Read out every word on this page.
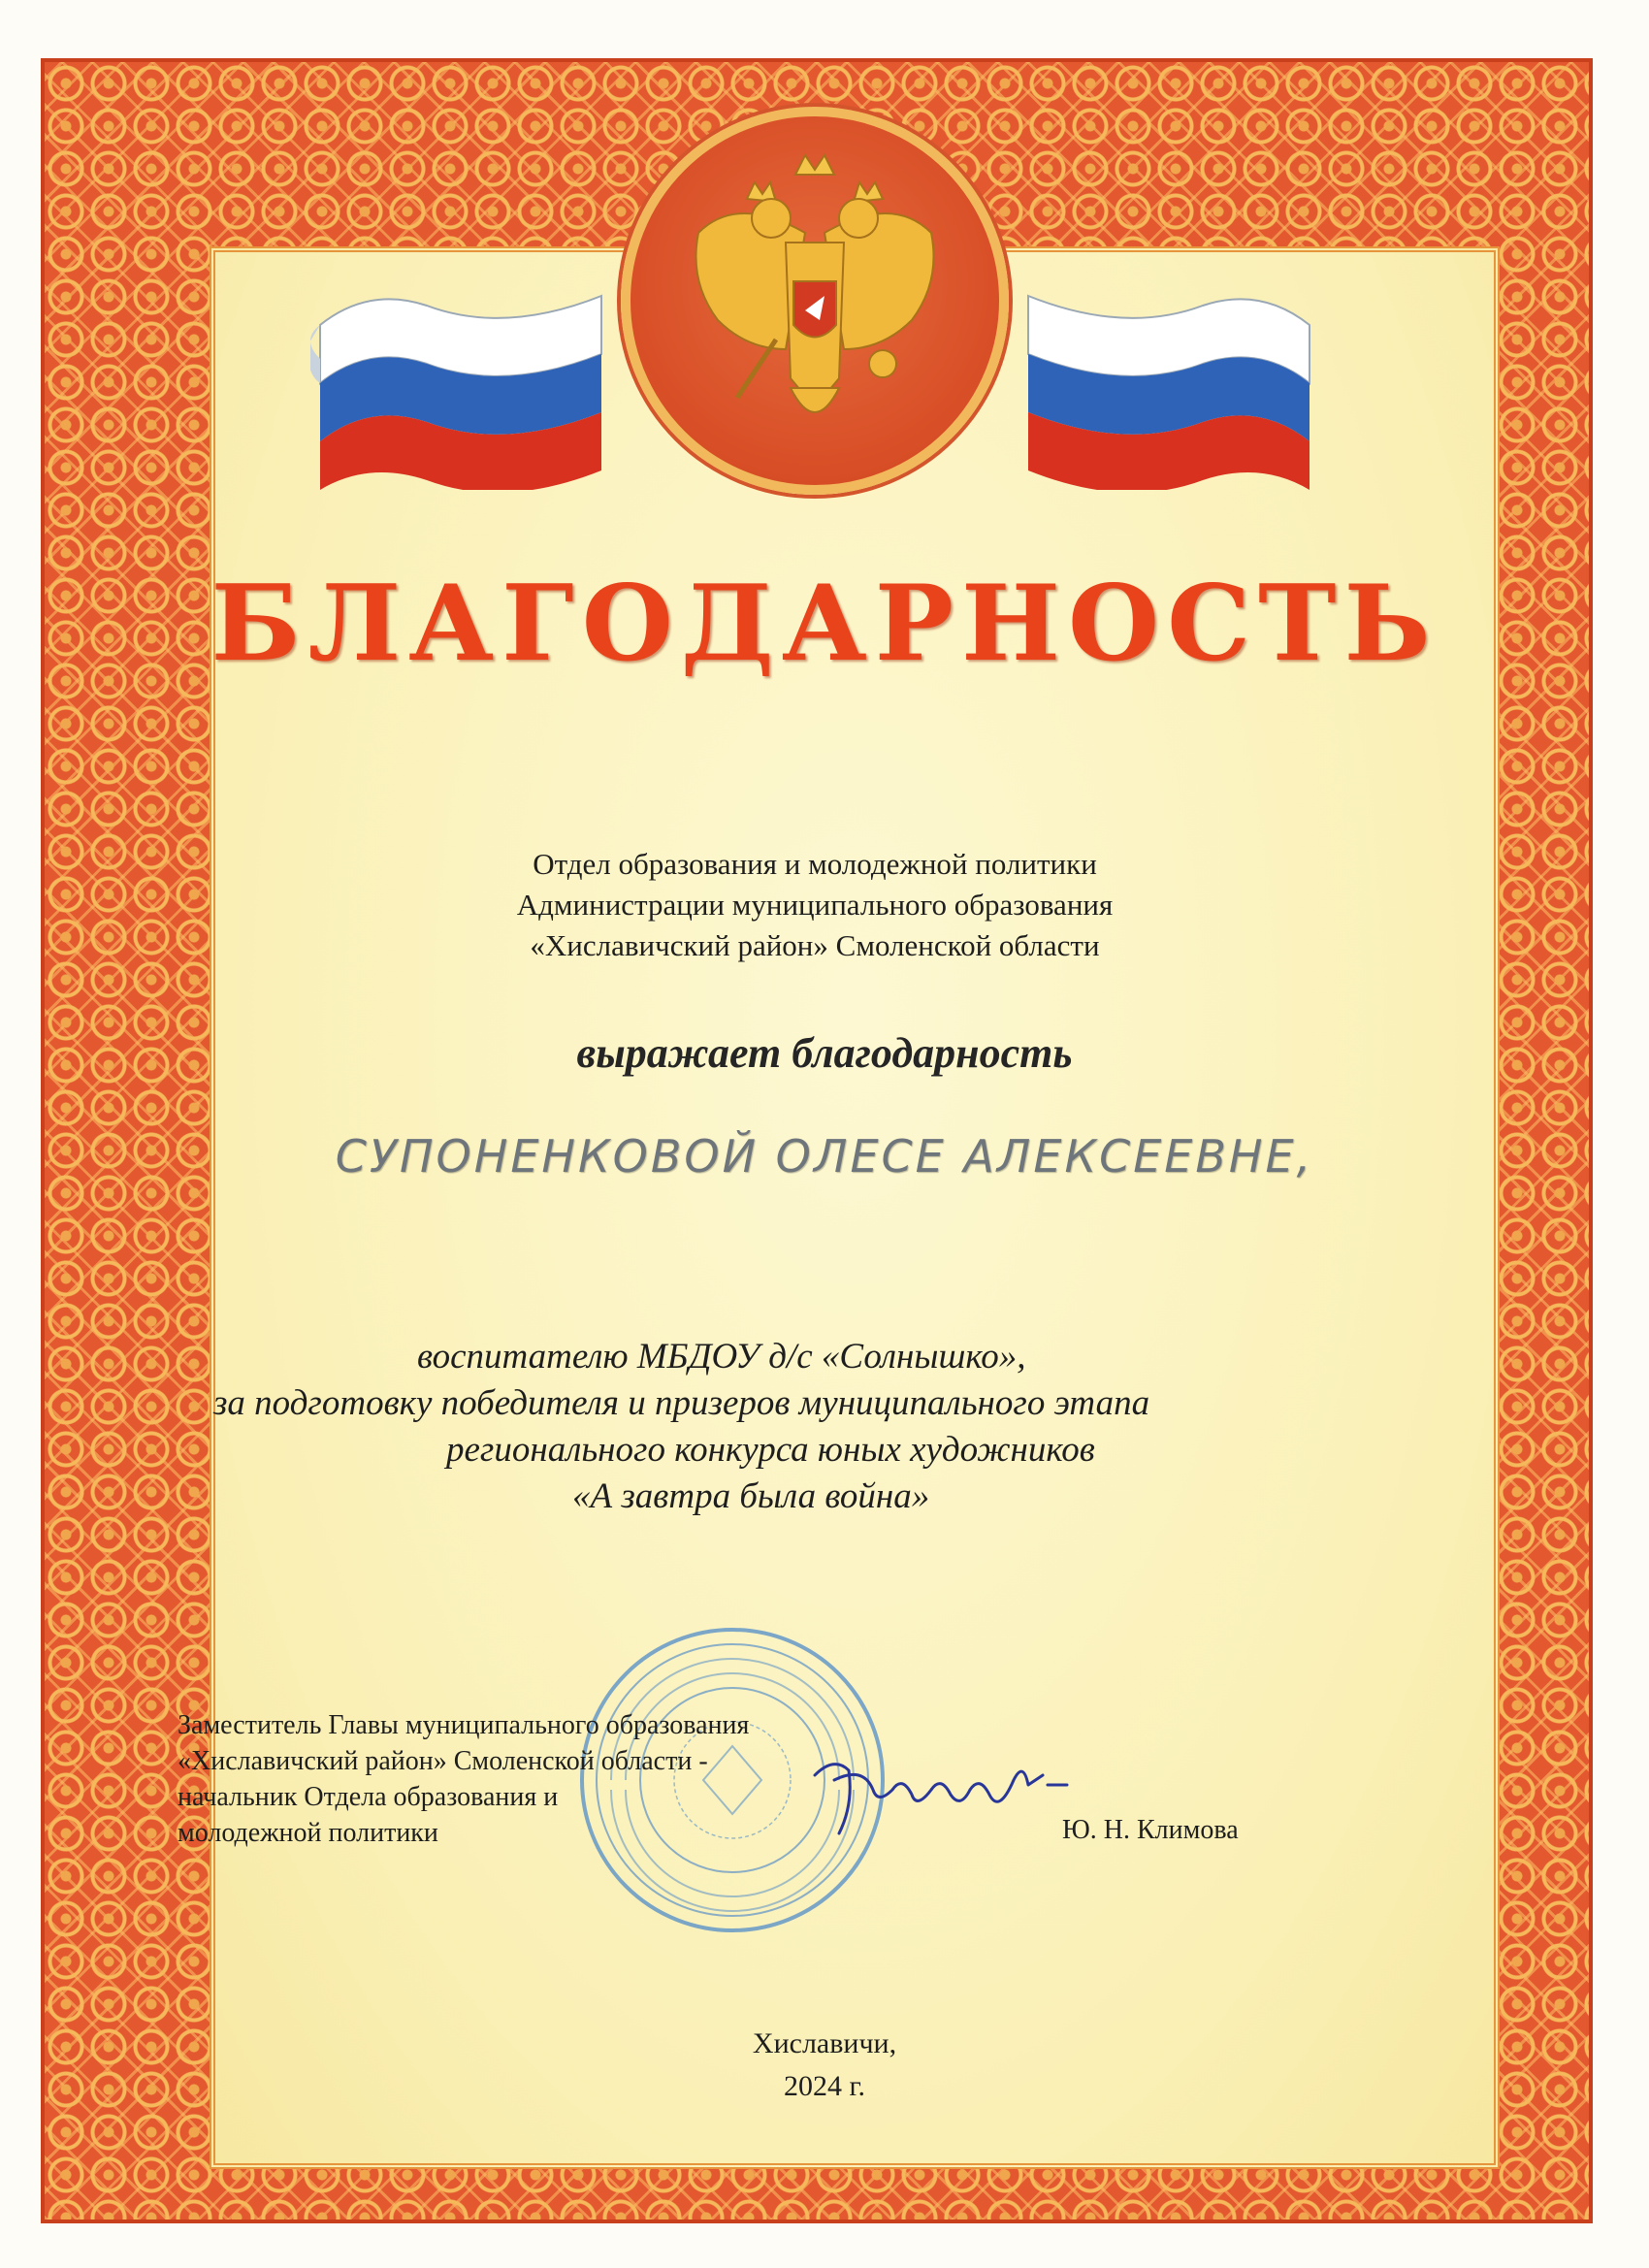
БЛАГОДАРНОСТЬ
Отдел образования и молодежной политики
Администрации муниципального образования
«Хиславичский район» Смоленской области
выражает благодарность
СУПОНЕНКОВОЙ ОЛЕСЕ АЛЕКСЕЕВНЕ,
воспитателю МБДОУ д/с «Солнышко»,
за подготовку победителя и призеров муниципального этапа
регионального конкурса юных художников
«А завтра была война»
Заместитель Главы муниципального образования
«Хиславичский район» Смоленской области -
начальник Отдела образования и
молодежной политики	Ю. Н. Климова
Хиславичи,
2024 г.
